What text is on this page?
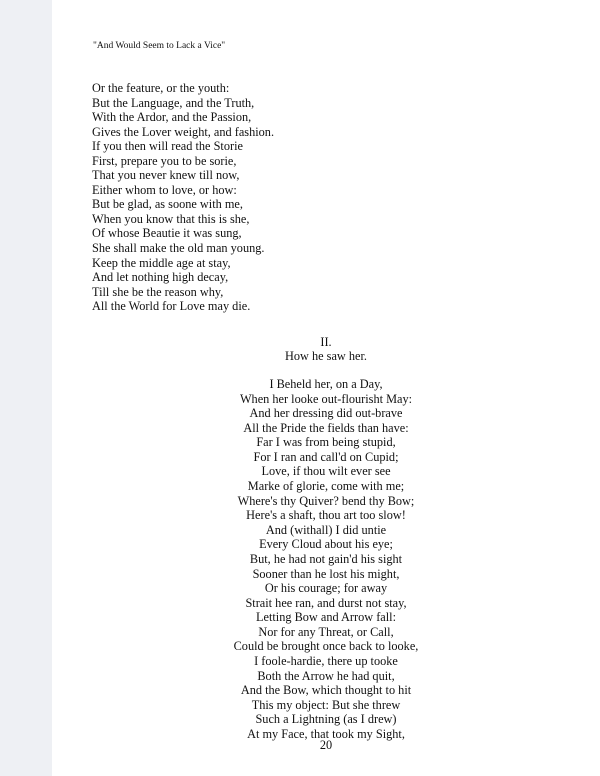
"And Would Seem to Lack a Vice"
Or the feature, or the youth:
But the Language, and the Truth,
With the Ardor, and the Passion,
Gives the Lover weight, and fashion.
If you then will read the Storie
First, prepare you to be sorie,
That you never knew till now,
Either whom to love, or how:
But be glad, as soone with me,
When you know that this is she,
Of whose Beautie it was sung,
She shall make the old man young.
Keep the middle age at stay,
And let nothing high decay,
Till she be the reason why,
All the World for Love may die.
II.
How he saw her.
I Beheld her, on a Day,
When her looke out-flourisht May:
And her dressing did out-brave
All the Pride the fields than have:
Far I was from being stupid,
For I ran and call'd on Cupid;
Love, if thou wilt ever see
Marke of glorie, come with me;
Where's thy Quiver? bend thy Bow;
Here's a shaft, thou art too slow!
And (withall) I did untie
Every Cloud about his eye;
But, he had not gain'd his sight
Sooner than he lost his might,
Or his courage; for away
Strait hee ran, and durst not stay,
Letting Bow and Arrow fall:
Nor for any Threat, or Call,
Could be brought once back to looke,
I foole-hardie, there up tooke
Both the Arrow he had quit,
And the Bow, which thought to hit
This my object: But she threw
Such a Lightning (as I drew)
At my Face, that took my Sight,
20
